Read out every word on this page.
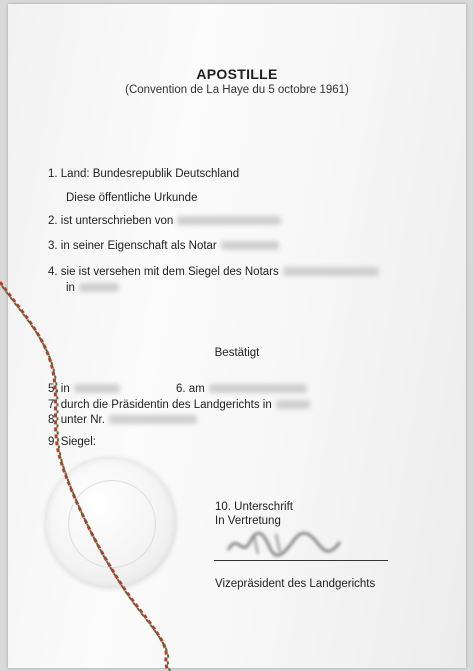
APOSTILLE
(Convention de La Haye du 5 octobre 1961)
1. Land: Bundesrepublik Deutschland
Diese öffentliche Urkunde
2. ist unterschrieben von
3. in seiner Eigenschaft als Notar
4. sie ist versehen mit dem Siegel des Notars
in
Bestätigt
5. in	6. am
7. durch die Präsidentin des Landgerichts in
8. unter Nr.
9. Siegel:
10. Unterschrift
In Vertretung
Vizepräsident des Landgerichts
